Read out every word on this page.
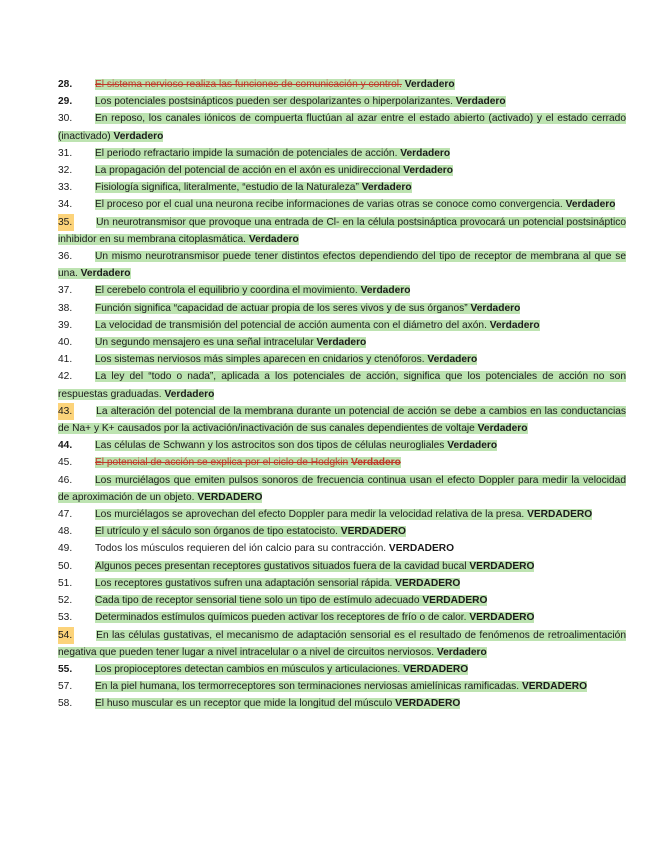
28. El sistema nervioso realiza las funciones de comunicación y control. Verdadero
29. Los potenciales postsinápticos pueden ser despolarizantes o hiperpolarizantes. Verdadero
30. En reposo, los canales iónicos de compuerta fluctúan al azar entre el estado abierto (activado) y el estado cerrado (inactivado) Verdadero
31. El periodo refractario impide la sumación de potenciales de acción. Verdadero
32. La propagación del potencial de acción en el axón es unidireccional Verdadero
33. Fisiología significa, literalmente, “estudio de la Naturaleza” Verdadero
34. El proceso por el cual una neurona recibe informaciones de varias otras se conoce como convergencia. Verdadero
35. Un neurotransmisor que provoque una entrada de Cl- en la célula postsináptica provocará un potencial postsináptico inhibidor en su membrana citoplasmática. Verdadero
36. Un mismo neurotransmisor puede tener distintos efectos dependiendo del tipo de receptor de membrana al que se una. Verdadero
37. El cerebelo controla el equilibrio y coordina el movimiento. Verdadero
38. Función significa “capacidad de actuar propia de los seres vivos y de sus órganos” Verdadero
39. La velocidad de transmisión del potencial de acción aumenta con el diámetro del axón. Verdadero
40. Un segundo mensajero es una señal intracelular Verdadero
41. Los sistemas nerviosos más simples aparecen en cnidarios y ctenóforos. Verdadero
42. La ley del “todo o nada”, aplicada a los potenciales de acción, significa que los potenciales de acción no son respuestas graduadas. Verdadero
43. La alteración del potencial de la membrana durante un potencial de acción se debe a cambios en las conductancias de Na+ y K+ causados por la activación/inactivación de sus canales dependientes de voltaje Verdadero
44. Las células de Schwann y los astrocitos son dos tipos de células neurogliales Verdadero
45. El potencial de acción se explica por el ciclo de Hodgkin Verdadero
46. Los murciélagos que emiten pulsos sonoros de frecuencia continua usan el efecto Doppler para medir la velocidad de aproximación de un objeto. VERDADERO
47. Los murciélagos se aprovechan del efecto Doppler para medir la velocidad relativa de la presa. VERDADERO
48. El utrículo y el sáculo son órganos de tipo estatocisto. VERDADERO
49. Todos los músculos requieren del ión calcio para su contracción. VERDADERO
50. Algunos peces presentan receptores gustativos situados fuera de la cavidad bucal VERDADERO
51. Los receptores gustativos sufren una adaptación sensorial rápida. VERDADERO
52. Cada tipo de receptor sensorial tiene solo un tipo de estímulo adecuado VERDADERO
53. Determinados estímulos químicos pueden activar los receptores de frío o de calor. VERDADERO
54. En las células gustativas, el mecanismo de adaptación sensorial es el resultado de fenómenos de retroalimentación negativa que pueden tener lugar a nivel intracelular o a nivel de circuitos nerviosos. Verdadero
55. Los propioceptores detectan cambios en músculos y articulaciones. VERDADERO
57. En la piel humana, los termorreceptores son terminaciones nerviosas amielínicas ramificadas. VERDADERO
58. El huso muscular es un receptor que mide la longitud del músculo VERDADERO
